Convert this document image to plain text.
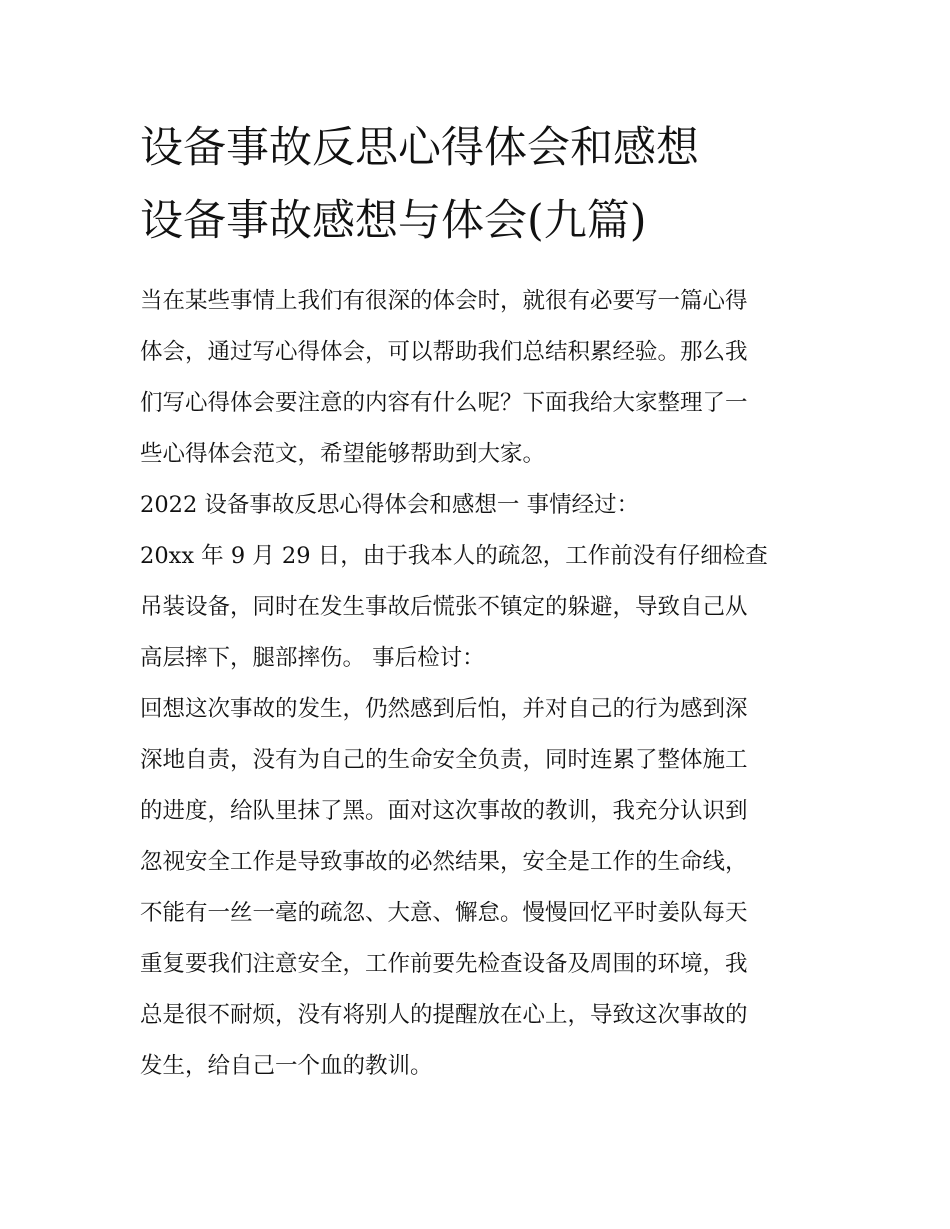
设备事故反思心得体会和感想
设备事故感想与体会(九篇)
当在某些事情上我们有很深的体会时，就很有必要写一篇心得
体会，通过写心得体会，可以帮助我们总结积累经验。那么我
们写心得体会要注意的内容有什么呢？下面我给大家整理了一
些心得体会范文，希望能够帮助到大家。
2022 设备事故反思心得体会和感想一 事情经过：
20xx 年 9 月 29 日，由于我本人的疏忽，工作前没有仔细检查
吊装设备，同时在发生事故后慌张不镇定的躲避，导致自己从
高层摔下，腿部摔伤。 事后检讨：
回想这次事故的发生，仍然感到后怕，并对自己的行为感到深
深地自责，没有为自己的生命安全负责，同时连累了整体施工
的进度，给队里抹了黑。面对这次事故的教训，我充分认识到
忽视安全工作是导致事故的必然结果，安全是工作的生命线，
不能有一丝一毫的疏忽、大意、懈怠。慢慢回忆平时姜队每天
重复要我们注意安全，工作前要先检查设备及周围的环境，我
总是很不耐烦，没有将别人的提醒放在心上，导致这次事故的
发生，给自己一个血的教训。
